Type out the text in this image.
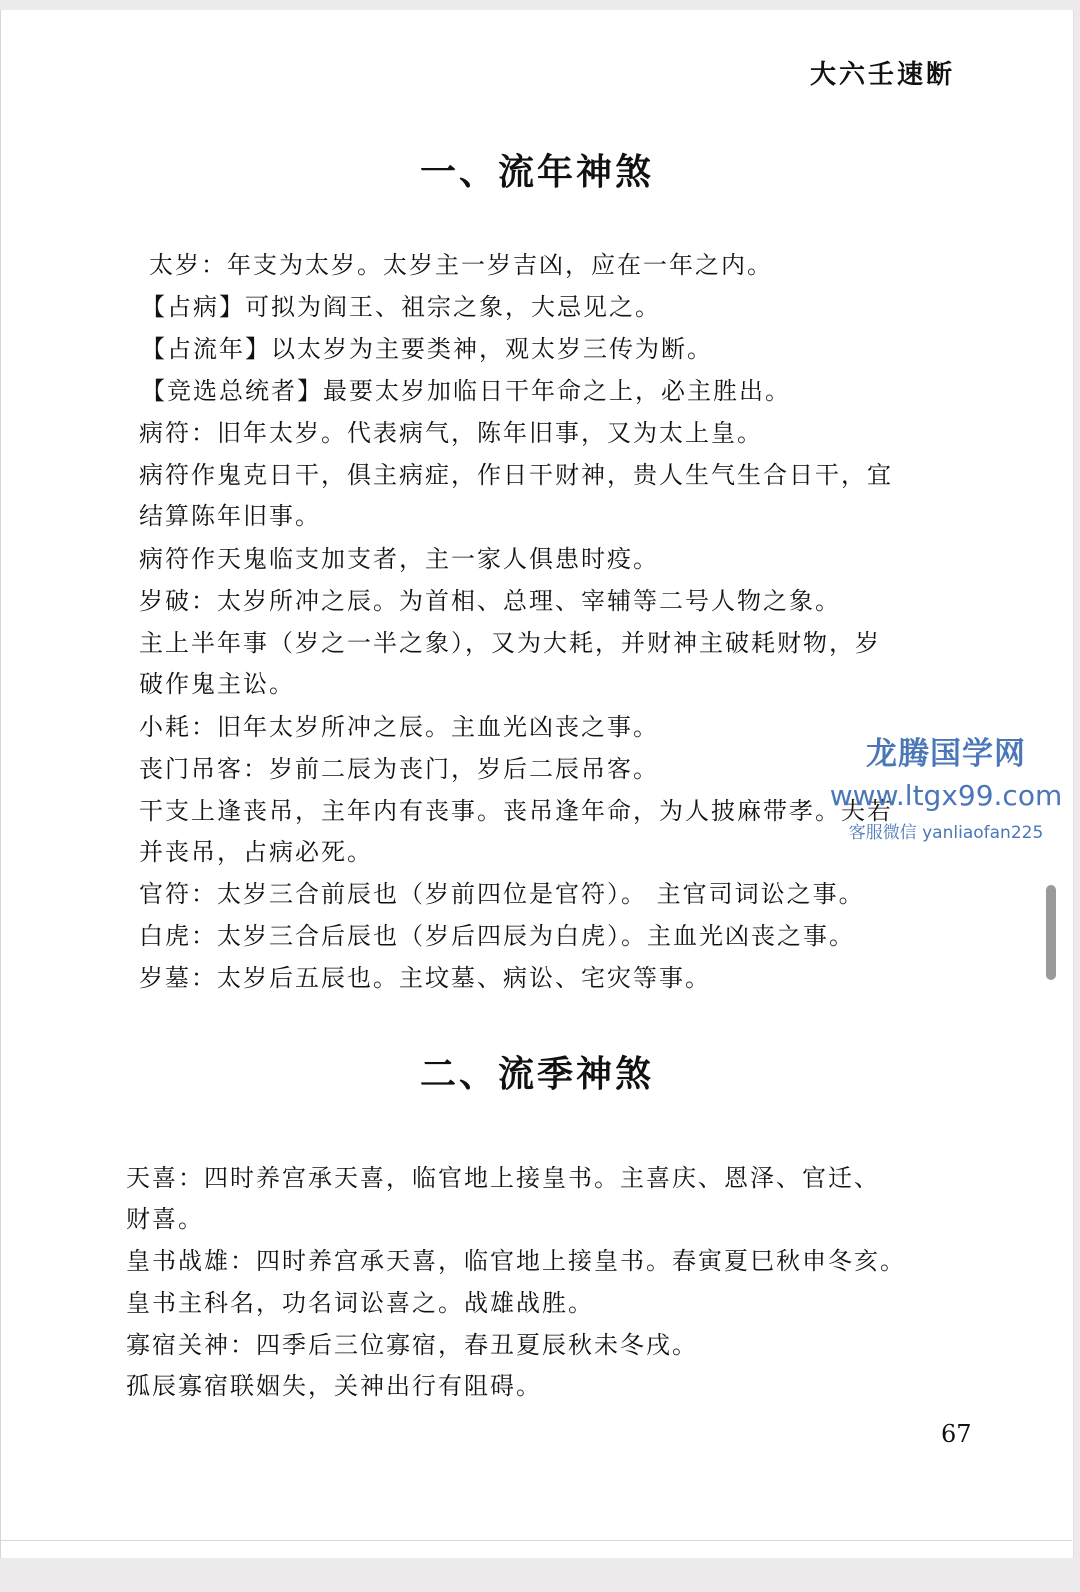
大六壬速断
一、流年神煞
太岁：年支为太岁。太岁主一岁吉凶，应在一年之内。
【占病】可拟为阎王、祖宗之象，大忌见之。
【占流年】以太岁为主要类神，观太岁三传为断。
【竞选总统者】最要太岁加临日干年命之上，必主胜出。
病符：旧年太岁。代表病气，陈年旧事，又为太上皇。
病符作鬼克日干，俱主病症，作日干财神，贵人生气生合日干，宜
结算陈年旧事。
病符作天鬼临支加支者，主一家人俱患时疫。
岁破：太岁所冲之辰。为首相、总理、宰辅等二号人物之象。
主上半年事（岁之一半之象），又为大耗，并财神主破耗财物，岁
破作鬼主讼。
小耗：旧年太岁所冲之辰。主血光凶丧之事。
丧门吊客：岁前二辰为丧门，岁后二辰吊客。
干支上逢丧吊，主年内有丧事。丧吊逢年命，为人披麻带孝。夫若
并丧吊，占病必死。
官符：太岁三合前辰也（岁前四位是官符）。 主官司词讼之事。
白虎：太岁三合后辰也（岁后四辰为白虎）。主血光凶丧之事。
岁墓：太岁后五辰也。主坟墓、病讼、宅灾等事。
二、流季神煞
天喜：四时养宫承天喜，临官地上接皇书。主喜庆、恩泽、官迁、
财喜。
皇书战雄：四时养宫承天喜，临官地上接皇书。春寅夏巳秋申冬亥。
皇书主科名，功名词讼喜之。战雄战胜。
寡宿关神：四季后三位寡宿，春丑夏辰秋未冬戌。
孤辰寡宿联姻失，关神出行有阻碍。
67
龙腾国学网
www.ltgx99.com
客服微信 yanliaofan225
